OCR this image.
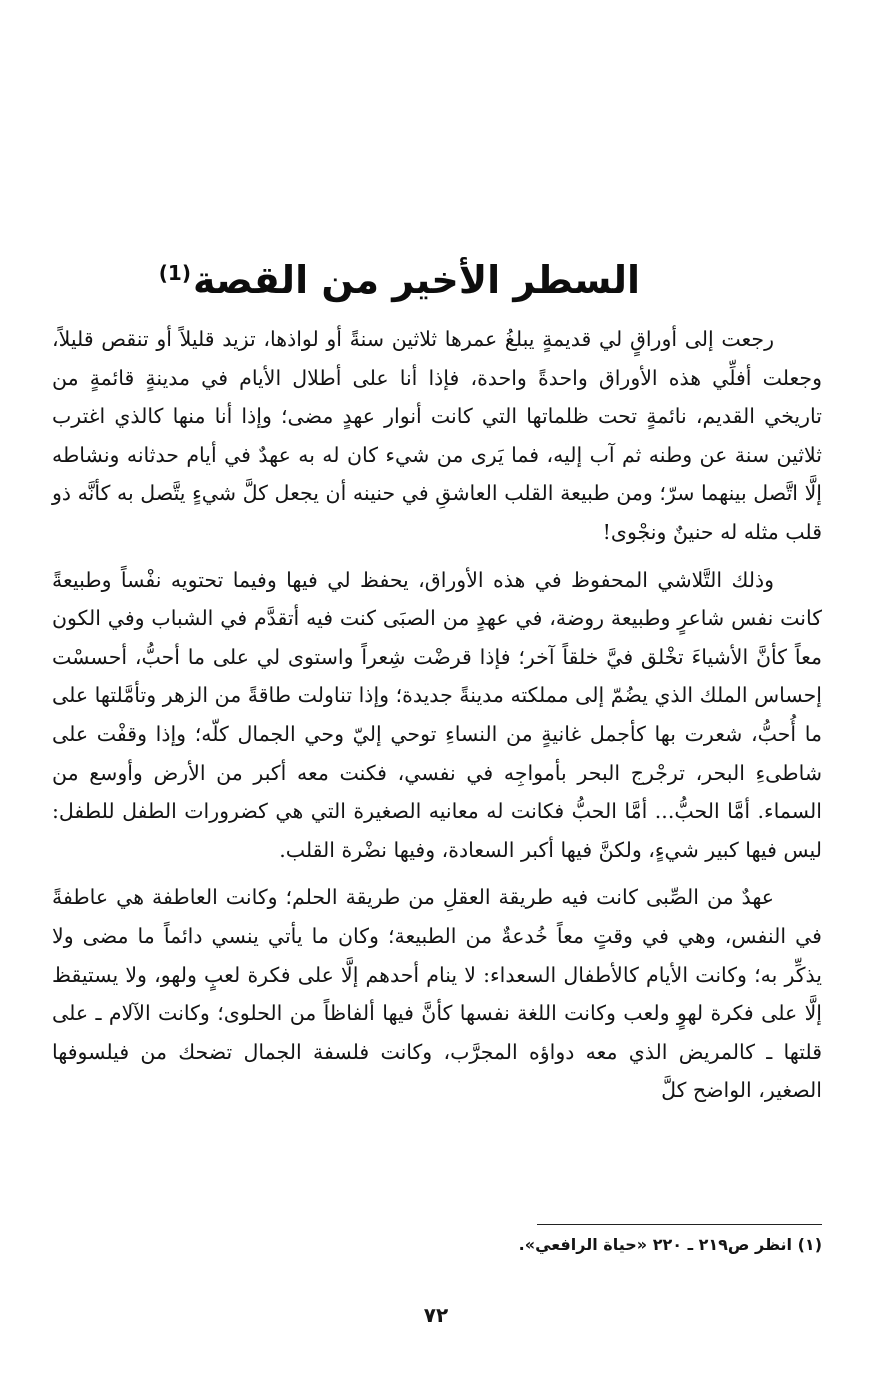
السطر الأخير من القصة$^{(1)}$

رجعت إلى أوراقٍ لي قديمةٍ يبلغُ عمرها ثلاثين سنةً أو لواذها، تزيد قليلاً أو تنقص قليلاً، وجعلت أفلِّي هذه الأوراق واحدةً واحدة، فإذا أنا على أطلال الأيام في مدينةٍ قائمةٍ من تاريخي القديم، نائمةٍ تحت ظلماتها التي كانت أنوار عهدٍ مضى؛ وإذا أنا منها كالذي اغترب ثلاثين سنة عن وطنه ثم آب إليه، فما يَرى من شيء كان له به عهدٌ في أيام حدثانه ونشاطه إلَّا اتَّصل بينهما سرّ؛ ومن طبيعة القلب العاشقِ في حنينه أن يجعل كلَّ شيءٍ يتَّصل به كأنَّه ذو قلب مثله له حنينٌ ونجْوى!

وذلك التَّلاشي المحفوظ في هذه الأوراق، يحفظ لي فيها وفيما تحتويه نفْساً وطبيعةً كانت نفس شاعرٍ وطبيعة روضة، في عهدٍ من الصبَى كنت فيه أتقدَّم في الشباب وفي الكون معاً كأنَّ الأشياءَ تخْلق فيَّ خلقاً آخر؛ فإذا قرضْت شِعراً واستوى لي على ما أحبُّ، أحسسْت إحساس الملك الذي يضُمّ إلى مملكته مدينةً جديدة؛ وإذا تناولت طاقةً من الزهر وتأمَّلتها على ما أُحبُّ، شعرت بها كأجمل غانيةٍ من النساءِ توحي إليّ وحي الجمال كلّه؛ وإذا وقفْت على شاطىءِ البحر، ترجْرج البحر بأمواجِه في نفسي، فكنت معه أكبر من الأرض وأوسع من السماء. أمَّا الحبُّ... أمَّا الحبُّ فكانت له معانيه الصغيرة التي هي كضرورات الطفل للطفل: ليس فيها كبير شيءٍ، ولكنَّ فيها أكبر السعادة، وفيها نضْرة القلب.

عهدٌ من الصِّبى كانت فيه طريقة العقلِ من طريقة الحلم؛ وكانت العاطفة هي عاطفةً في النفس، وهي في وقتٍ معاً خُدعةٌ من الطبيعة؛ وكان ما يأتي ينسي دائماً ما مضى ولا يذكِّر به؛ وكانت الأيام كالأطفال السعداء: لا ينام أحدهم إلَّا على فكرة لعبٍ ولهو، ولا يستيقظ إلَّا على فكرة لهوٍ ولعب وكانت اللغة نفسها كأنَّ فيها ألفاظاً من الحلوى؛ وكانت الآلام ـ على قلتها ـ كالمريض الذي معه دواؤه المجرَّب، وكانت فلسفة الجمال تضحك من فيلسوفها الصغير، الواضح كلَّ

(١) انظر ص٢١٩ ـ ٢٢٠ «حياة الرافعي».
٧٢
